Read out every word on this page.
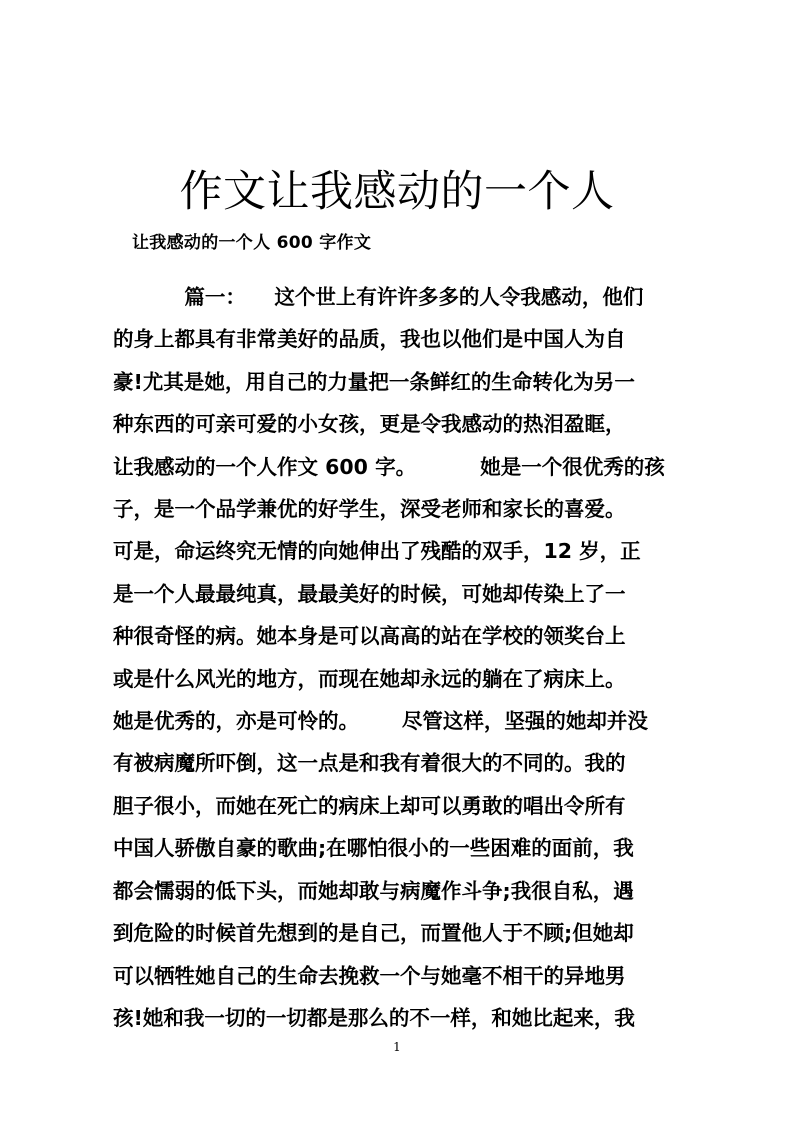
作文让我感动的一个人
让我感动的一个人 600 字作文
篇一：    这个世上有许许多多的人令我感动，他们
的身上都具有非常美好的品质，我也以他们是中国人为自
豪!尤其是她，用自己的力量把一条鲜红的生命转化为另一
种东西的可亲可爱的小女孩，更是令我感动的热泪盈眶，
让我感动的一个人作文 600 字。         她是一个很优秀的孩
子，是一个品学兼优的好学生，深受老师和家长的喜爱。
可是，命运终究无情的向她伸出了残酷的双手，12 岁，正
是一个人最最纯真，最最美好的时候，可她却传染上了一
种很奇怪的病。她本身是可以高高的站在学校的领奖台上
或是什么风光的地方，而现在她却永远的躺在了病床上。
她是优秀的，亦是可怜的。      尽管这样，坚强的她却并没
有被病魔所吓倒，这一点是和我有着很大的不同的。我的
胆子很小，而她在死亡的病床上却可以勇敢的唱出令所有
中国人骄傲自豪的歌曲;在哪怕很小的一些困难的面前，我
都会懦弱的低下头，而她却敢与病魔作斗争;我很自私，遇
到危险的时候首先想到的是自己，而置他人于不顾;但她却
可以牺牲她自己的生命去挽救一个与她毫不相干的异地男
孩!她和我一切的一切都是那么的不一样，和她比起来，我
1
